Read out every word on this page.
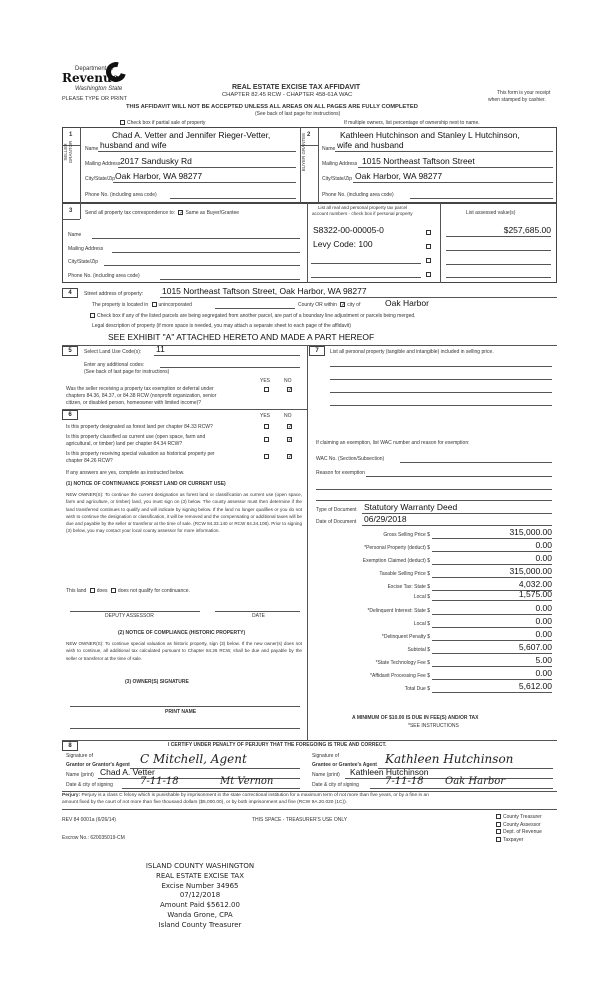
Department of
Revenue
Washington State
PLEASE TYPE OR PRINT
REAL ESTATE EXCISE TAX AFFIDAVIT
CHAPTER 82.45 RCW - CHAPTER 458-61A WAC	This form is your receipt
when stamped by cashier.
THIS AFFIDAVIT WILL NOT BE ACCEPTED UNLESS ALL AREAS ON ALL PAGES ARE FULLY COMPLETED
(See back of last page for instructions)
Check box if partial sale of property	If multiple owners, list percentage of ownership next to name.
1
SELLER GRANTOR
Chad A. Vetter and Jennifer Rieger-Vetter,
Name husband and wife
Mailing Address 2017 Sandusky Rd
City/State/Zip Oak Harbor, WA 98277
Phone No. (including area code)
2
BUYER GRANTEE	Kathleen Hutchinson and Stanley L Hutchinson,
Name wife and husband
Mailing Address 1015 Northeast Taftson Street
City/State/Zip Oak Harbor, WA 98277
Phone No. (including area code)
3	Send all property tax correspondence to: ✓ Same as Buyer/Grantee
List all real and personal property tax parcel
account numbers - check box if personal property	List assessed value(s)
Name
Mailing Address
City/State/Zip
Phone No. (including area code)
S8322-00-00005-0
Levy Code: 100
$257,685.00
4	Street address of property: 1015 Northeast Taftson Street, Oak Harbor, WA 98277
The property is located in unincorporated	County OR within ✓ city of	Oak Harbor
Check box if any of the listed parcels are being segregated from another parcel, are part of a boundary line adjustment or parcels being merged.
Legal description of property (if more space is needed, you may attach a separate sheet to each page of the affidavit)
SEE EXHIBIT "A" ATTACHED HERETO AND MADE A PART HEREOF
5	Select Land Use Code(s): 11	7	List all personal property (tangible and intangible) included in selling price.
Enter any additional codes:
(See back of last page for instructions)
YES	NO
Was the seller receiving a property tax exemption or deferral under
chapters 84.36, 84.37, or 84.38 RCW (nonprofit organization, senior
citizen, or disabled person, homeowner with limited income)?
✓
6	YES	NO
Is this property designated as forest land per chapter 84.33 RCW?	✓
Is this property classified as current use (open space, farm and
agricultural, or timber) land per chapter 84.34 RCW?
✓
Is this property receiving special valuation as historical property per
chapter 84.26 RCW?
✓
If any answers are yes, complete as instructed below.
(1) NOTICE OF CONTINUANCE (FOREST LAND OR CURRENT USE)
NEW OWNER(S): To continue the current designation as forest land or classification as current use (open space, farm and agriculture, or timber) land, you must sign on (3) below. The county assessor must then determine if the land transferred continues to qualify and will indicate by signing below. If the land no longer qualifies or you do not wish to continue the designation or classification, it will be removed and the compensating or additional taxes will be due and payable by the seller or transferor at the time of sale. (RCW 84.33.140 or RCW 84.34.108). Prior to signing (3) below, you may contact your local county assessor for more information.
This land does does not qualify for continuance.
DEPUTY ASSESSOR	DATE
(2) NOTICE OF COMPLIANCE (HISTORIC PROPERTY)
NEW OWNER(S): To continue special valuation as historic property, sign (3) below. If the new owner(s) does not wish to continue, all additional tax calculated pursuant to Chapter 84.26 RCW, shall be due and payable by the seller or transferor at the time of sale.
(3) OWNER(S) SIGNATURE
PRINT NAME
If claiming an exemption, list WAC number and reason for exemption:
WAC No. (Section/Subsection)
Reason for exemption
Type of Document Statutory Warranty Deed
Date of Document 06/29/2018
Gross Selling Price $	315,000.00
*Personal Property (deduct) $	0.00
Exemption Claimed (deduct) $	0.00
Taxable Selling Price $	315,000.00
Excise Tax: State $	4,032.00
Local $	1,575.00
*Delinquent Interest: State $	0.00
Local $	0.00
*Delinquent Penalty $	0.00
Subtotal $	5,607.00
*State Technology Fee $	5.00
*Affidavit Processing Fee $	0.00
Total Due $	5,612.00
A MINIMUM OF $10.00 IS DUE IN FEE(S) AND/OR TAX
*SEE INSTRUCTIONS
8	I CERTIFY UNDER PENALTY OF PERJURY THAT THE FOREGOING IS TRUE AND CORRECT.
Signature of
Grantor or Grantor's Agent C Mitchell, Agent
Name (print) Chad A. Vetter
Date & city of signing	7-11-18	Mt Vernon
Signature of
Grantee or Grantee's Agent Kathleen Hutchinson
Name (print) Kathleen Hutchinson
Date & city of signing	7-11-18 Oak Harbor
Perjury: Perjury is a class C felony which is punishable by imprisonment in the state correctional institution for a maximum term of not more than five years, or by a fine in an
amount fixed by the court of not more than five thousand dollars ($5,000.00), or by both imprisonment and fine (RCW 9A.20.020 (1C)).
REV 84 0001a (6/26/14)	THIS SPACE - TREASURER'S USE ONLY
Escrow No.: 620035019-CM
County Treasurer
County Assessor
Dept. of Revenue
Taxpayer
ISLAND COUNTY WASHINGTON
REAL ESTATE EXCISE TAX
Excise Number 34965
07/12/2018
Amount Paid $5612.00
Wanda Grone, CPA
Island County Treasurer
